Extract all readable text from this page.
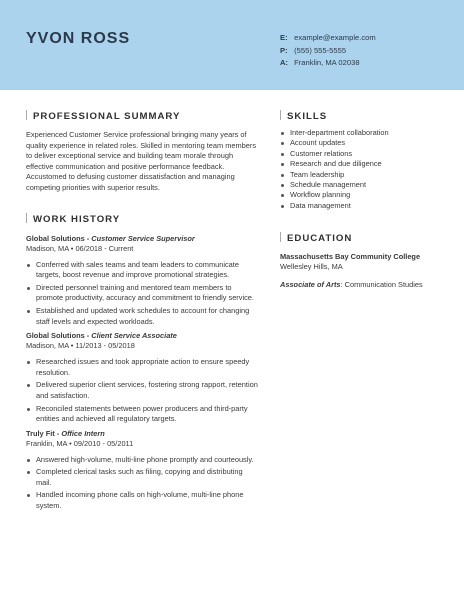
YVON ROSS	E: example@example.com
P: (555) 555-5555
A: Franklin, MA 02038
PROFESSIONAL SUMMARY
Experienced Customer Service professional bringing many years of quality experience in related roles. Skilled in mentoring team members to deliver exceptional service and building team morale through effective communication and positive performance feedback. Accustomed to defusing customer dissatisfaction and managing competing priorities with superior results.
WORK HISTORY
Global Solutions - Customer Service Supervisor
Madison, MA • 06/2018 - Current
Conferred with sales teams and team leaders to communicate targets, boost revenue and improve promotional strategies.
Directed personnel training and mentored team members to promote productivity, accuracy and commitment to friendly service.
Established and updated work schedules to account for changing staff levels and expected workloads.
Global Solutions - Client Service Associate
Madison, MA • 11/2013 - 05/2018
Researched issues and took appropriate action to ensure speedy resolution.
Delivered superior client services, fostering strong rapport, retention and satisfaction.
Reconciled statements between power producers and third-party entities and achieved all regulatory targets.
Truly Fit - Office Intern
Franklin, MA • 09/2010 - 05/2011
Answered high-volume, multi-line phone promptly and courteously.
Completed clerical tasks such as filing, copying and distributing mail.
Handled incoming phone calls on high-volume, multi-line phone system.
SKILLS
Inter-department collaboration
Account updates
Customer relations
Research and due diligence
Team leadership
Schedule management
Workflow planning
Data management
EDUCATION
Massachusetts Bay Community College
Wellesley Hills, MA
Associate of Arts: Communication Studies
